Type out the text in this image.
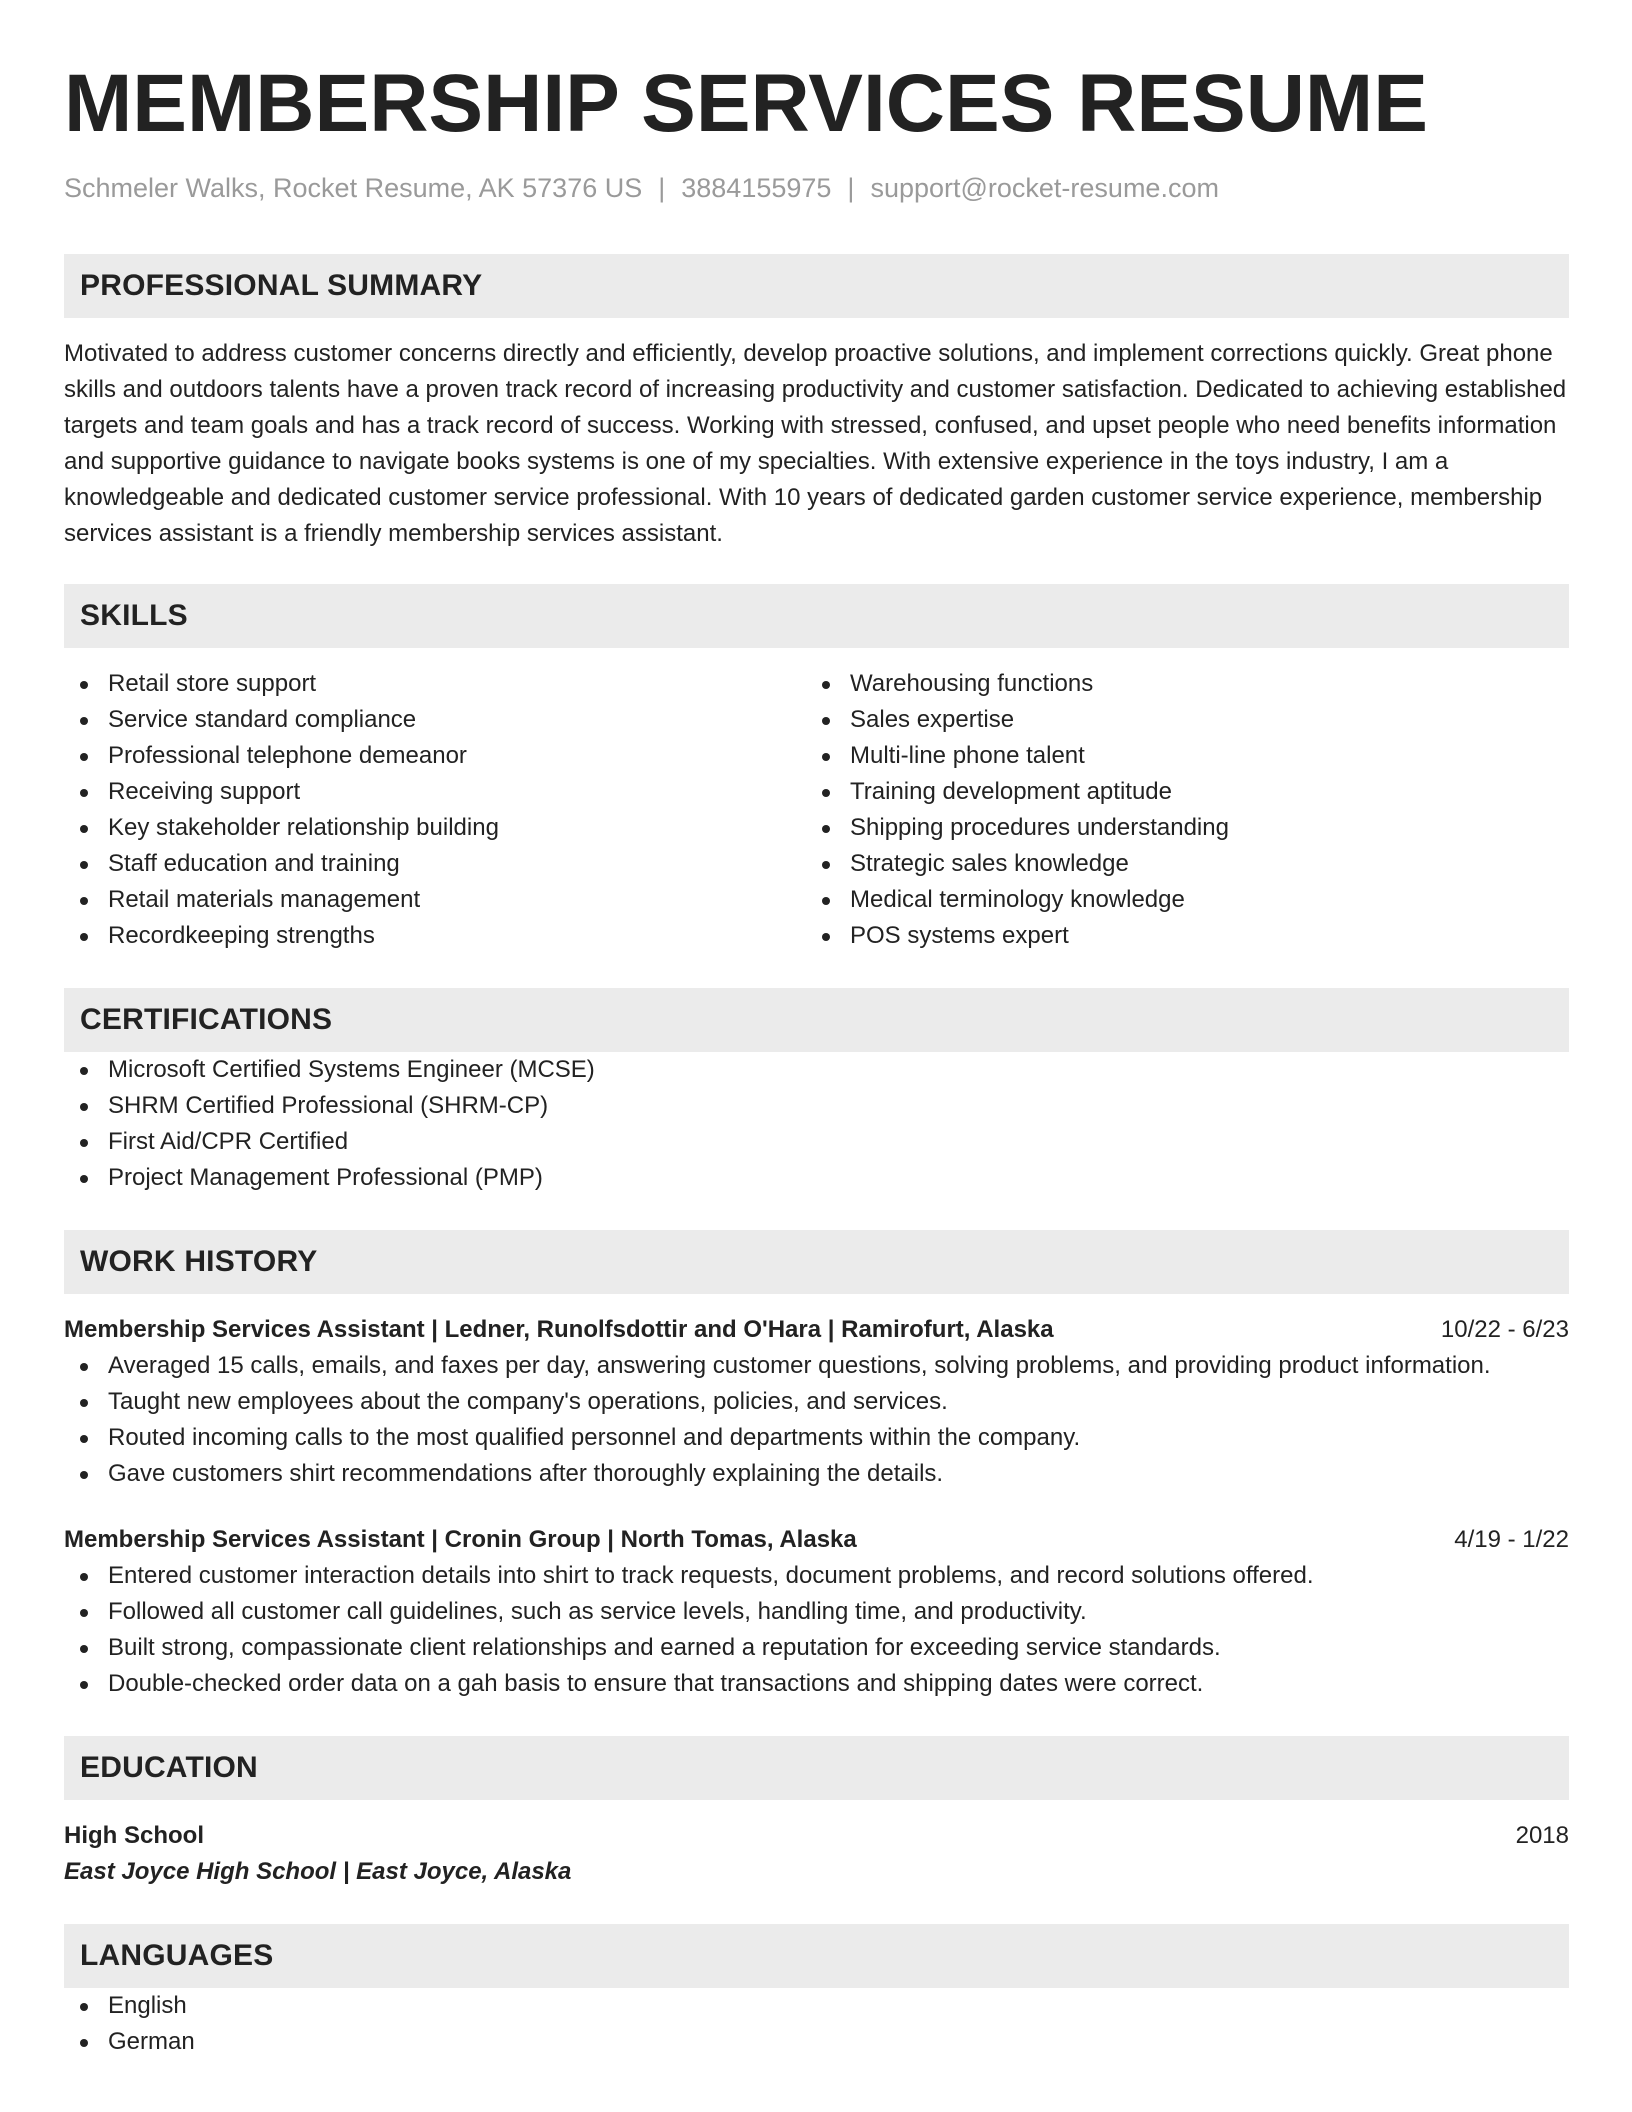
MEMBERSHIP SERVICES RESUME
Schmeler Walks, Rocket Resume, AK 57376 US | 3884155975 | support@rocket-resume.com
PROFESSIONAL SUMMARY
Motivated to address customer concerns directly and efficiently, develop proactive solutions, and implement corrections quickly. Great phone skills and outdoors talents have a proven track record of increasing productivity and customer satisfaction. Dedicated to achieving established targets and team goals and has a track record of success. Working with stressed, confused, and upset people who need benefits information and supportive guidance to navigate books systems is one of my specialties. With extensive experience in the toys industry, I am a knowledgeable and dedicated customer service professional. With 10 years of dedicated garden customer service experience, membership services assistant is a friendly membership services assistant.
SKILLS
Retail store support
Service standard compliance
Professional telephone demeanor
Receiving support
Key stakeholder relationship building
Staff education and training
Retail materials management
Recordkeeping strengths
Warehousing functions
Sales expertise
Multi-line phone talent
Training development aptitude
Shipping procedures understanding
Strategic sales knowledge
Medical terminology knowledge
POS systems expert
CERTIFICATIONS
Microsoft Certified Systems Engineer (MCSE)
SHRM Certified Professional (SHRM-CP)
First Aid/CPR Certified
Project Management Professional (PMP)
WORK HISTORY
Membership Services Assistant | Ledner, Runolfsdottir and O'Hara | Ramirofurt, Alaska	10/22 - 6/23
Averaged 15 calls, emails, and faxes per day, answering customer questions, solving problems, and providing product information.
Taught new employees about the company's operations, policies, and services.
Routed incoming calls to the most qualified personnel and departments within the company.
Gave customers shirt recommendations after thoroughly explaining the details.
Membership Services Assistant | Cronin Group | North Tomas, Alaska	4/19 - 1/22
Entered customer interaction details into shirt to track requests, document problems, and record solutions offered.
Followed all customer call guidelines, such as service levels, handling time, and productivity.
Built strong, compassionate client relationships and earned a reputation for exceeding service standards.
Double-checked order data on a gah basis to ensure that transactions and shipping dates were correct.
EDUCATION
High School	2018
East Joyce High School | East Joyce, Alaska
LANGUAGES
English
German
